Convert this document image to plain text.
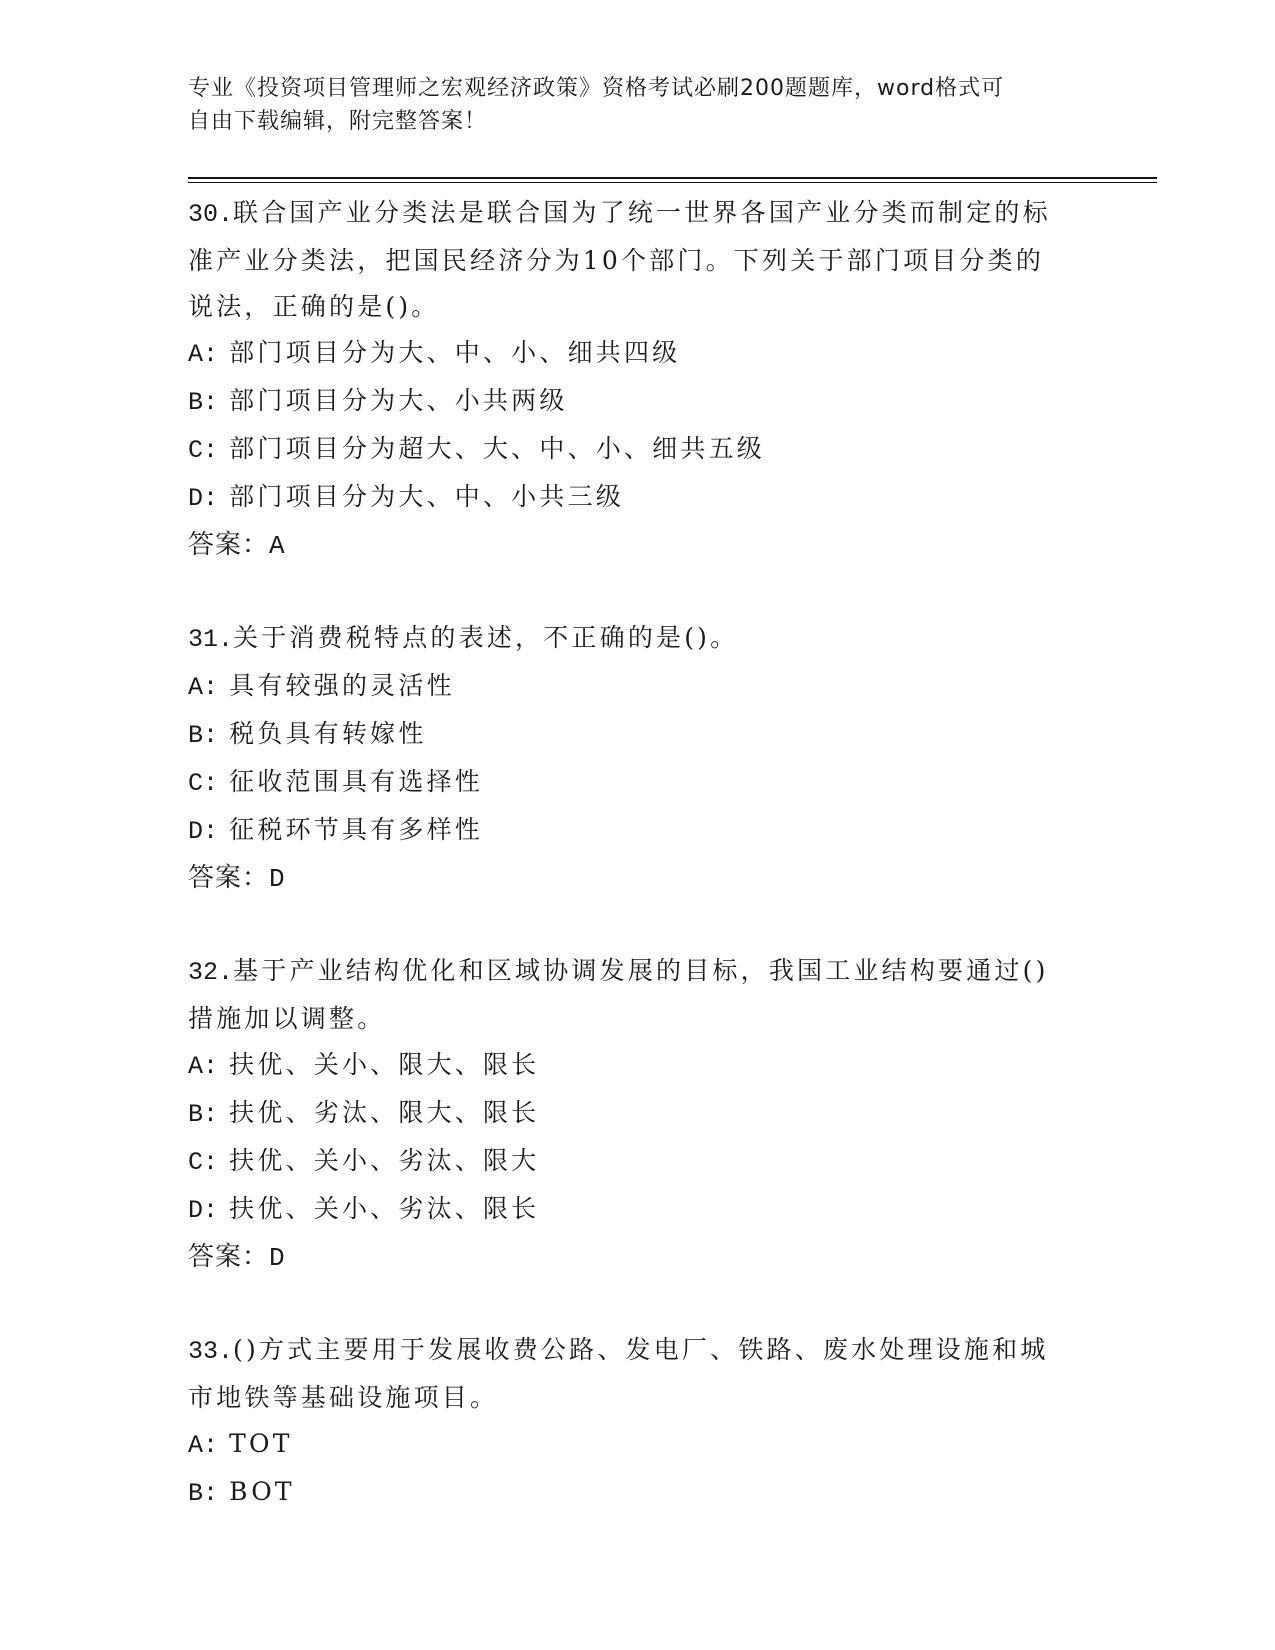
专业《投资项目管理师之宏观经济政策》资格考试必刷200题题库，word格式可

自由下载编辑，附完整答案！

30.联合国产业分类法是联合国为了统一世界各国产业分类而制定的标

准产业分类法，把国民经济分为10个部门。下列关于部门项目分类的

说法，正确的是()。

A: 部门项目分为大、中、小、细共四级

B: 部门项目分为大、小共两级

C: 部门项目分为超大、大、中、小、细共五级

D: 部门项目分为大、中、小共三级

答案：A

31.关于消费税特点的表述，不正确的是()。

A: 具有较强的灵活性

B: 税负具有转嫁性

C: 征收范围具有选择性

D: 征税环节具有多样性

答案：D

32.基于产业结构优化和区域协调发展的目标，我国工业结构要通过()

措施加以调整。

A: 扶优、关小、限大、限长

B: 扶优、劣汰、限大、限长

C: 扶优、关小、劣汰、限大

D: 扶优、关小、劣汰、限长

答案：D

33.()方式主要用于发展收费公路、发电厂、铁路、废水处理设施和城

市地铁等基础设施项目。

A: TOT

B: BOT
